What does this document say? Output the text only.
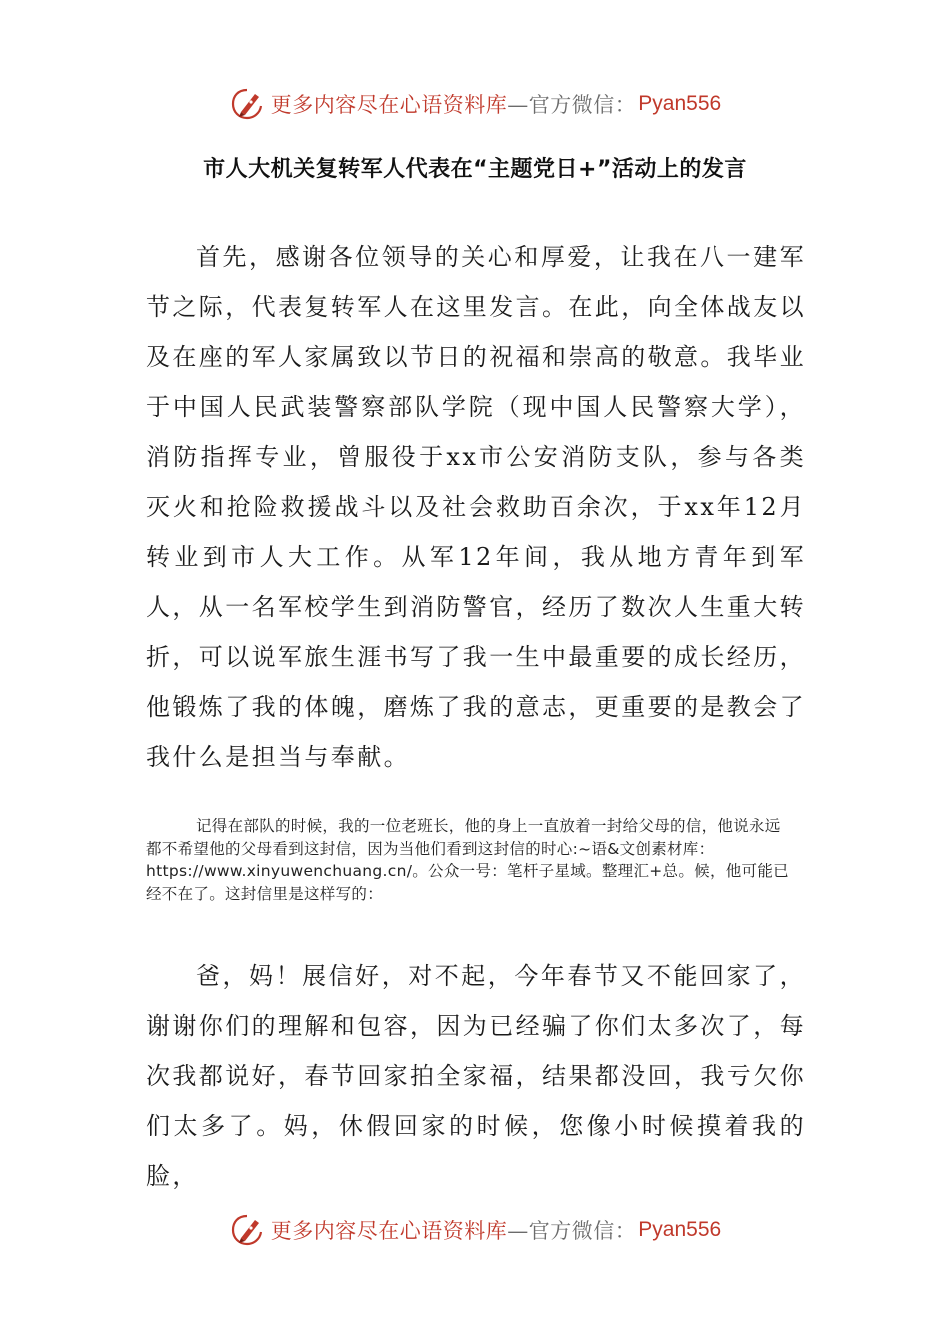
更多内容尽在心语资料库 —官方微信： Pyan556
市人大机关复转军人代表在“主题党日+”活动上的发言

首先，感谢各位领导的关心和厚爱，让我在八一建军节之际，代表复转军人在这里发言。在此，向全体战友以及在座的军人家属致以节日的祝福和崇高的敬意。我毕业于中国人民武装警察部队学院（现中国人民警察大学），消防指挥专业，曾服役于xx市公安消防支队，参与各类灭火和抢险救援战斗以及社会救助百余次，于xx年12月转业到市人大工作。从军12年间，我从地方青年到军人，从一名军校学生到消防警官，经历了数次人生重大转折，可以说军旅生涯书写了我一生中最重要的成长经历，他锻炼了我的体魄，磨炼了我的意志，更重要的是教会了我什么是担当与奉献。

记得在部队的时候，我的一位老班长，他的身上一直放着一封给父母的信，他说永远都不希望他的父母看到这封信，因为当他们看到这封信的时心:~语&文创素材库：https://www.xinyuwenchuang.cn/。公众一号：笔杆子星域。整理汇+总。候，他可能已经不在了。这封信里是这样写的：

爸，妈！展信好，对不起，今年春节又不能回家了，谢谢你们的理解和包容，因为已经骗了你们太多次了，每次我都说好，春节回家拍全家福，结果都没回，我亏欠你们太多了。妈，休假回家的时候，您像小时候摸着我的脸，

更多内容尽在心语资料库 —官方微信： Pyan556
